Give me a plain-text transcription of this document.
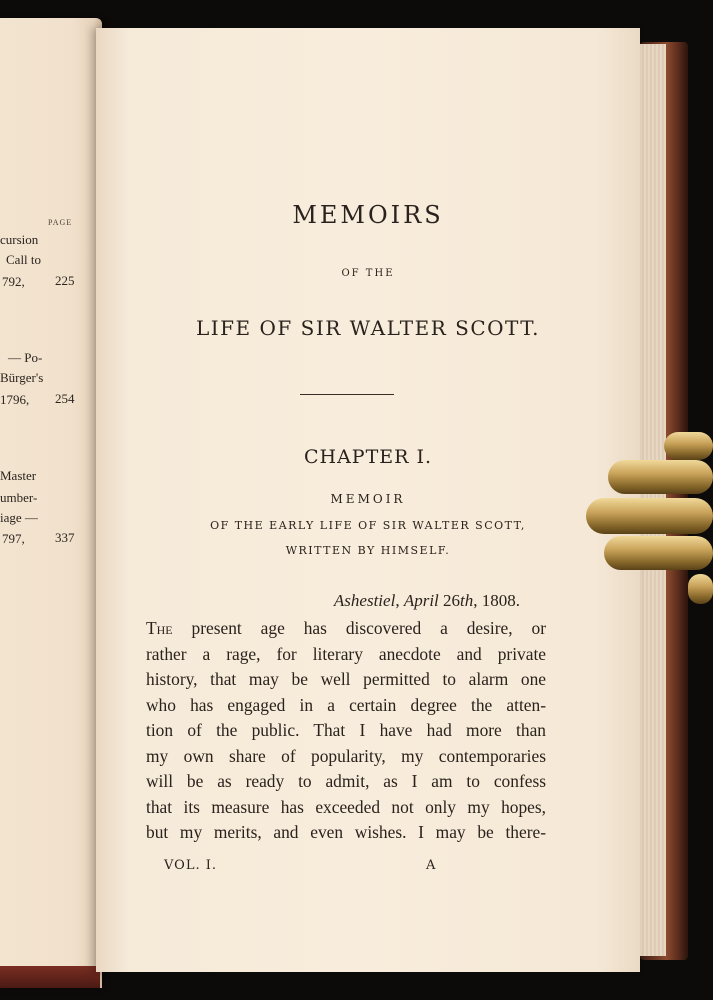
PAGE
cursion
Call to
792, 225
— Po-
Bürger's
1796, 254
Master
umber-
iage —
797, 337
MEMOIRS
OF THE
LIFE OF SIR WALTER SCOTT.
CHAPTER I.
MEMOIR
OF THE EARLY LIFE OF SIR WALTER SCOTT,
WRITTEN BY HIMSELF.
Ashestiel, April 26th, 1808.
The present age has discovered a desire, or
rather a rage, for literary anecdote and private
history, that may be well permitted to alarm one
who has engaged in a certain degree the atten-
tion of the public. That I have had more than
my own share of popularity, my contemporaries
will be as ready to admit, as I am to confess
that its measure has exceeded not only my hopes,
but my merits, and even wishes. I may be there-
VOL. I.	A
